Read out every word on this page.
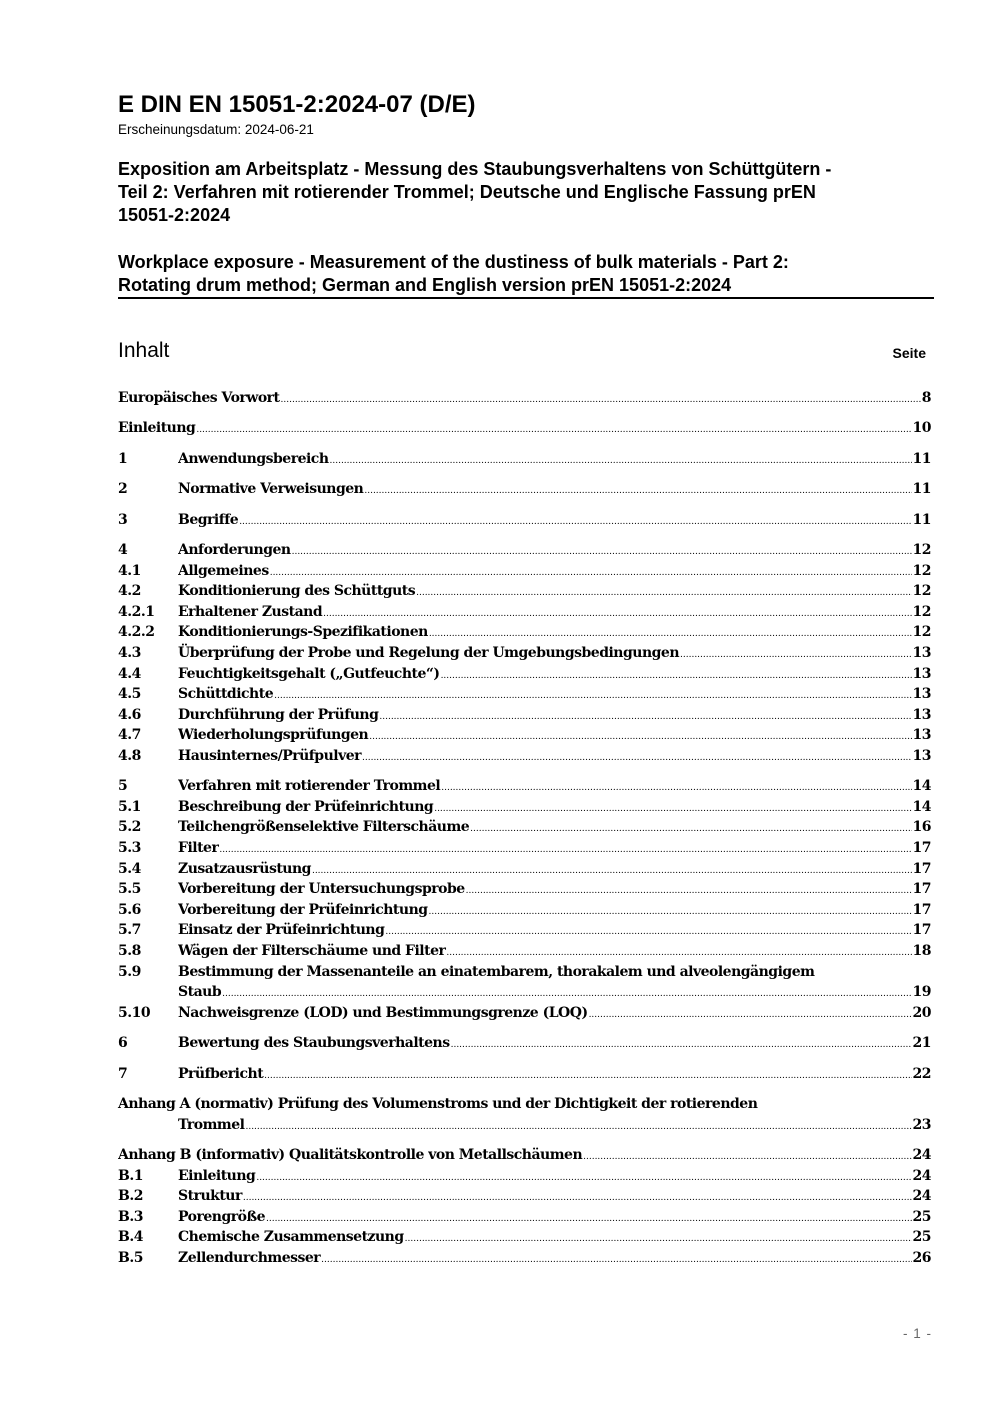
E DIN EN 15051-2:2024-07 (D/E)
Erscheinungsdatum: 2024-06-21
Exposition am Arbeitsplatz - Messung des Staubungsverhaltens von Schüttgütern -
Teil 2: Verfahren mit rotierender Trommel; Deutsche und Englische Fassung prEN
15051-2:2024
Workplace exposure - Measurement of the dustiness of bulk materials - Part 2:
Rotating drum method; German and English version prEN 15051-2:2024
Inhalt	Seite
Europäisches Vorwort .....	8
Einleitung .....	10
1	Anwendungsbereich .....	11
2	Normative Verweisungen .....	11
3	Begriffe .....	11
4	Anforderungen .....	12
4.1	Allgemeines .....	12
4.2	Konditionierung des Schüttguts .....	12
4.2.1 Erhaltener Zustand .....	12
4.2.2 Konditionierungs-Spezifikationen .....	12
4.3	Überprüfung der Probe und Regelung der Umgebungsbedingungen .....	13
4.4	Feuchtigkeitsgehalt („Gutfeuchte“) .....	13
4.5	Schüttdichte .....	13
4.6	Durchführung der Prüfung .....	13
4.7	Wiederholungsprüfungen .....	13
4.8	Hausinternes/Prüfpulver .....	13
5	Verfahren mit rotierender Trommel .....	14
5.1	Beschreibung der Prüfeinrichtung .....	14
5.2	Teilchengrößenselektive Filterschäume .....	16
5.3	Filter .....	17
5.4	Zusatzausrüstung .....	17
5.5	Vorbereitung der Untersuchungsprobe .....	17
5.6	Vorbereitung der Prüfeinrichtung .....	17
5.7	Einsatz der Prüfeinrichtung .....	17
5.8	Wägen der Filterschäume und Filter .....	18
5.9	Bestimmung der Massenanteile an einatembarem, thorakalem und alveolengängigem
Staub .....	19
5.10 Nachweisgrenze (LOD) und Bestimmungsgrenze (LOQ) .....	20
6	Bewertung des Staubungsverhaltens .....	21
7	Prüfbericht .....	22
Anhang A (normativ) Prüfung des Volumenstroms und der Dichtigkeit der rotierenden
Trommel .....	23
Anhang B (informativ) Qualitätskontrolle von Metallschäumen .....	24
B.1	Einleitung .....	24
B.2	Struktur .....	24
B.3	Porengröße .....	25
B.4	Chemische Zusammensetzung .....	25
B.5	Zellendurchmesser .....	26
- 1 -
